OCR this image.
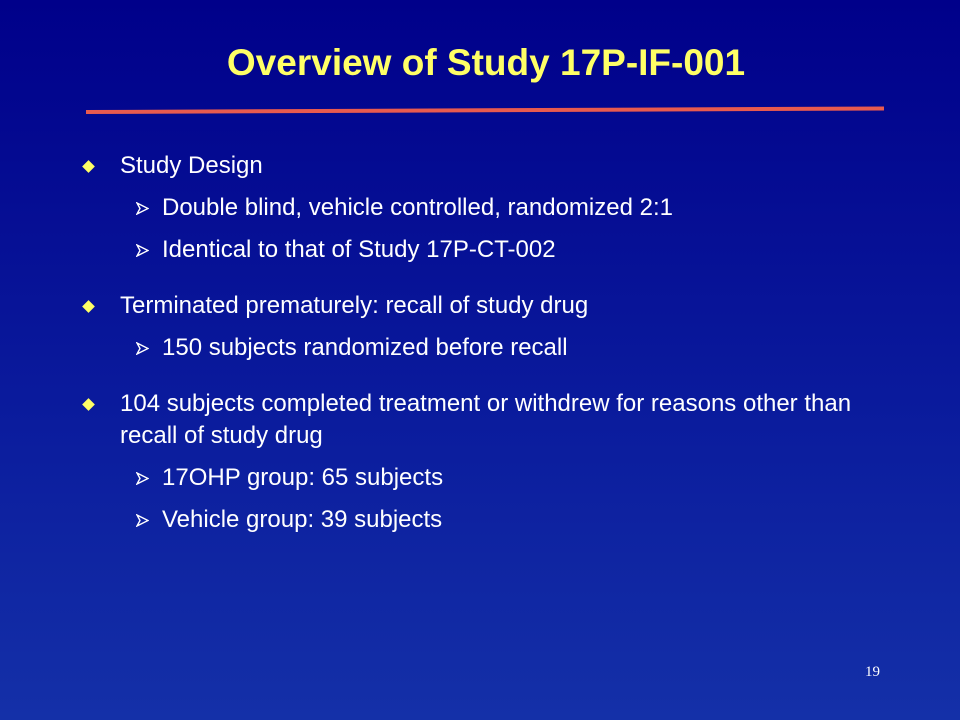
Overview of Study 17P-IF-001
Study Design
Double blind, vehicle controlled, randomized 2:1
Identical to that of Study 17P-CT-002
Terminated prematurely: recall of study drug
150 subjects randomized before recall
104 subjects completed treatment or withdrew for reasons other than recall of study drug
17OHP group: 65 subjects
Vehicle group: 39 subjects
19
